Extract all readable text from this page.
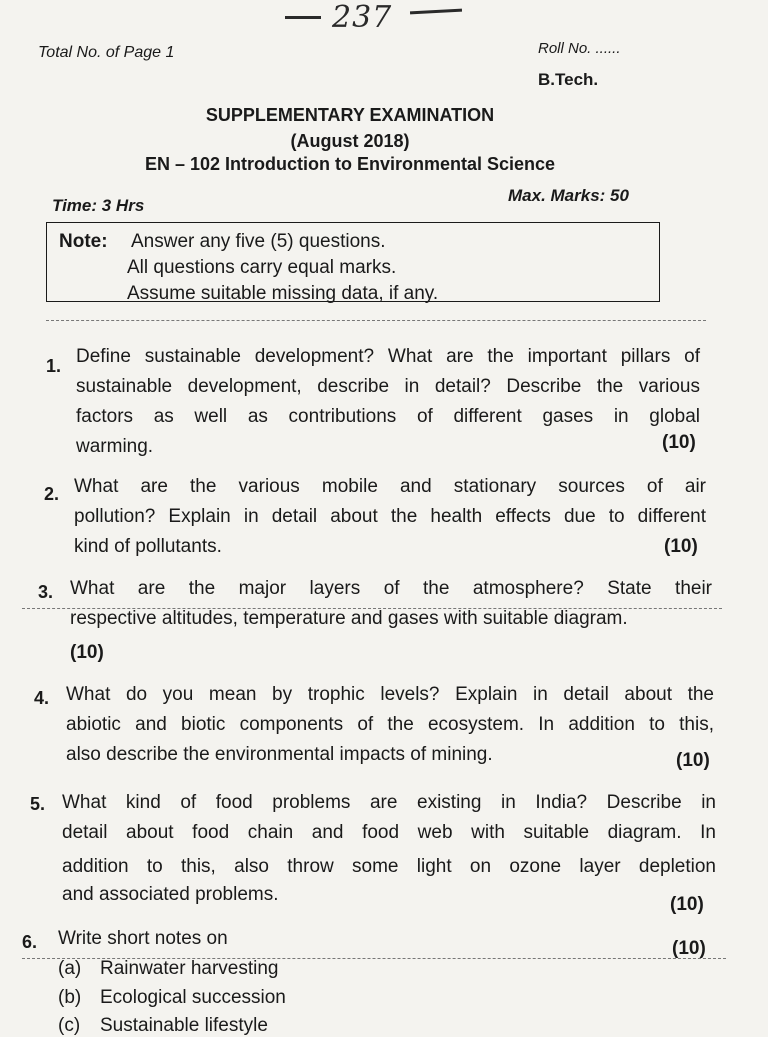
237
Total No. of Page 1	Roll No. ......
B.Tech.
SUPPLEMENTARY EXAMINATION
(August 2018)
EN – 102 Introduction to Environmental Science
Time: 3 Hrs
Max. Marks: 50
Note: Answer any five (5) questions.
All questions carry equal marks.
Assume suitable missing data, if any.
1. Define sustainable development? What are the important pillars of
sustainable development, describe in detail? Describe the various
factors as well as contributions of different gases in global
warming.	(10)
2. What are the various mobile and stationary sources of air
pollution? Explain in detail about the health effects due to different
kind of pollutants.	(10)
3. What are the major layers of the atmosphere? State their
respective altitudes, temperature and gases with suitable diagram.
(10)
4. What do you mean by trophic levels? Explain in detail about the
abiotic and biotic components of the ecosystem. In addition to this,
also describe the environmental impacts of mining.	(10)
5. What kind of food problems are existing in India? Describe in
detail about food chain and food web with suitable diagram. In
addition to this, also throw some light on ozone layer depletion
and associated problems.	(10)
6. Write short notes on	(10)
(a) Rainwater harvesting
(b) Ecological succession
(c) Sustainable lifestyle
